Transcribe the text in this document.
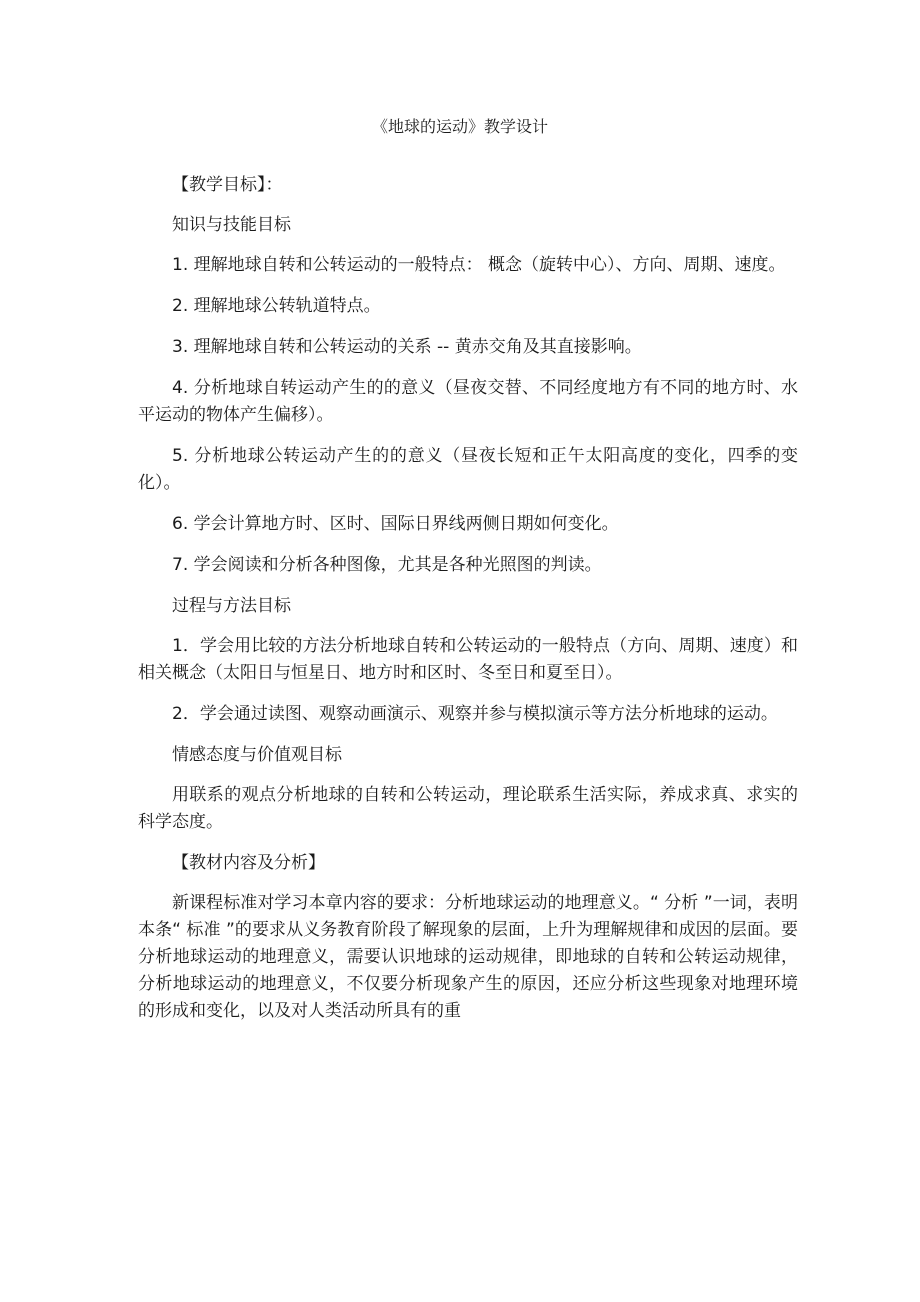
《地球的运动》教学设计

【教学目标】：

知识与技能目标

1. 理解地球自转和公转运动的一般特点： 概念（旋转中心）、方向、周期、速度。

2. 理解地球公转轨道特点。

3. 理解地球自转和公转运动的关系 -- 黄赤交角及其直接影响。

4. 分析地球自转运动产生的的意义（昼夜交替、不同经度地方有不同的地方时、水平运动的物体产生偏移）。

5. 分析地球公转运动产生的的意义（昼夜长短和正午太阳高度的变化，四季的变化）。

6. 学会计算地方时、区时、国际日界线两侧日期如何变化。

7. 学会阅读和分析各种图像，尤其是各种光照图的判读。

过程与方法目标

1．学会用比较的方法分析地球自转和公转运动的一般特点（方向、周期、速度）和相关概念（太阳日与恒星日、地方时和区时、冬至日和夏至日）。

2．学会通过读图、观察动画演示、观察并参与模拟演示等方法分析地球的运动。

情感态度与价值观目标

用联系的观点分析地球的自转和公转运动，理论联系生活实际，养成求真、求实的科学态度。

【教材内容及分析】

新课程标准对学习本章内容的要求：分析地球运动的地理意义。“ 分析 ”一词，表明本条“ 标准 ”的要求从义务教育阶段了解现象的层面，上升为理解规律和成因的层面。要分析地球运动的地理意义，需要认识地球的运动规律，即地球的自转和公转运动规律，分析地球运动的地理意义，不仅要分析现象产生的原因，还应分析这些现象对地理环境的形成和变化，以及对人类活动所具有的重
